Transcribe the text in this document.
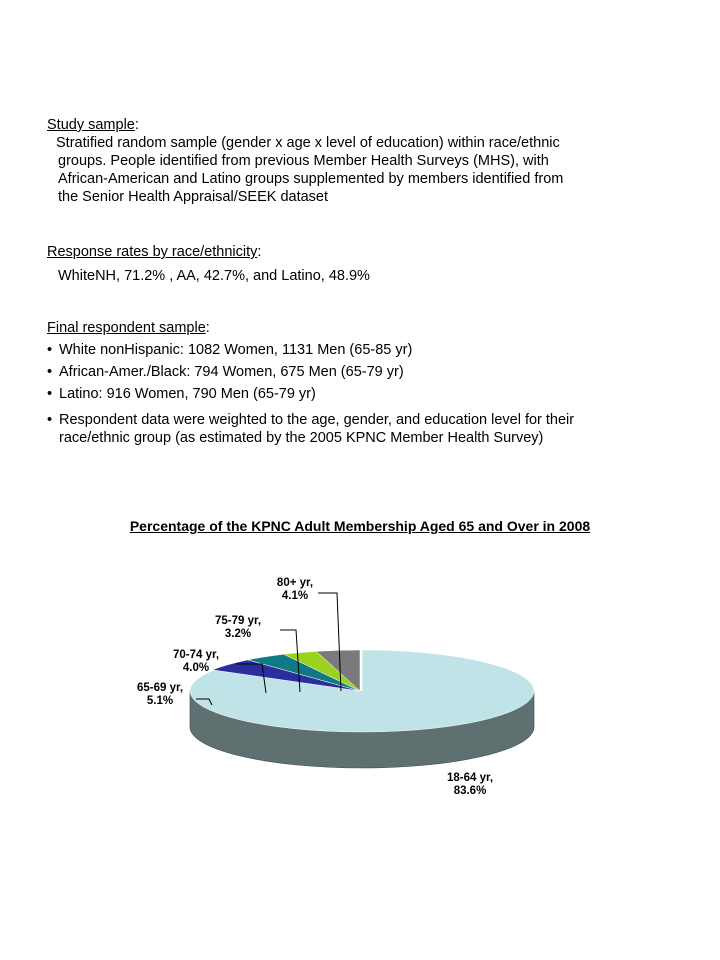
Study sample:
Stratified random sample (gender x age x level of education) within race/ethnic
groups. People identified from previous Member Health Surveys (MHS), with
African-American and Latino groups supplemented by members identified from
the Senior Health Appraisal/SEEK dataset
Response rates by race/ethnicity:
WhiteNH, 71.2% , AA, 42.7%, and Latino, 48.9%
Final respondent sample:
• White nonHispanic: 1082 Women, 1131 Men (65-85 yr)
• African-Amer./Black: 794 Women, 675 Men (65-79 yr)
• Latino: 916 Women, 790 Men (65-79 yr)
• Respondent data were weighted to the age, gender, and education level for their
race/ethnic group (as estimated by the 2005 KPNC Member Health Survey)
Percentage of the KPNC Adult Membership Aged 65 and Over in 2008
18-64 yr,
83.6%
65-69 yr,
5.1%
70-74 yr,
4.0%
75-79 yr,
3.2%
80+ yr,
4.1%
